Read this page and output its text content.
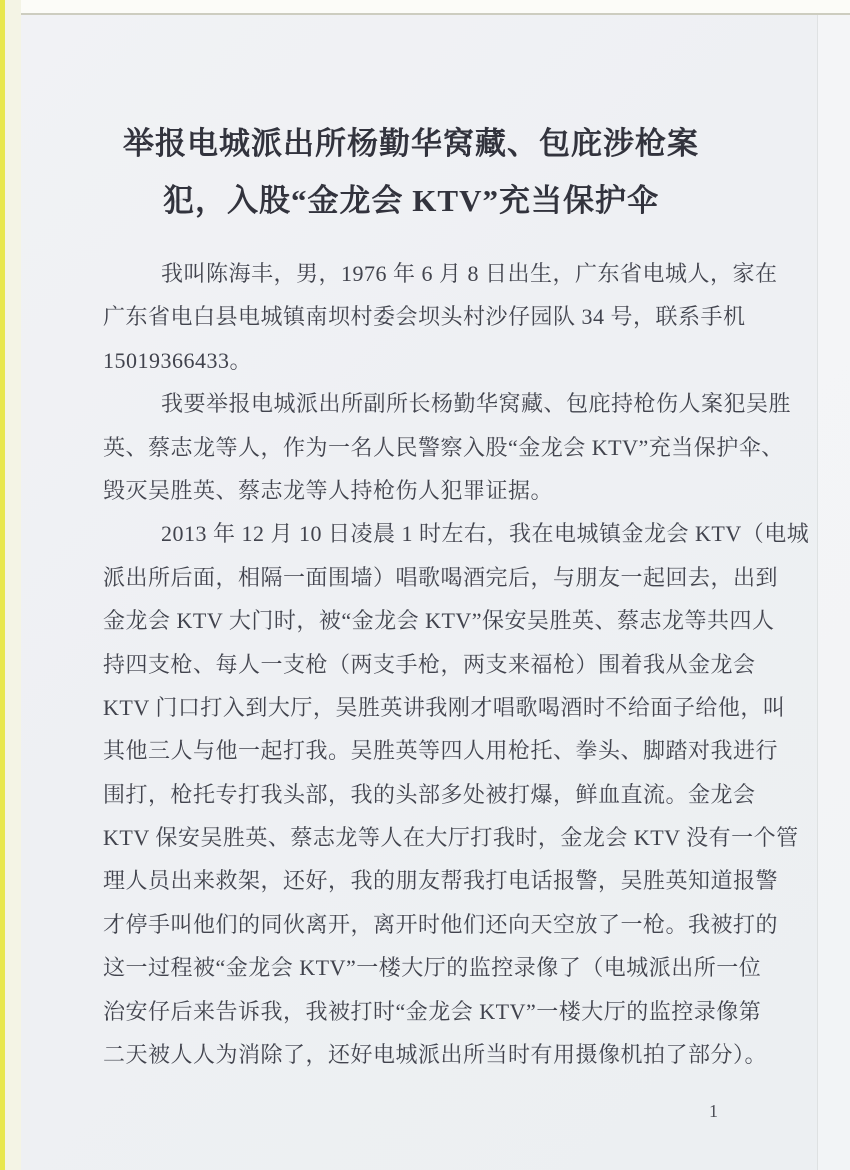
举报电城派出所杨勤华窝藏、包庇涉枪案
犯，入股“金龙会 KTV”充当保护伞
我叫陈海丰，男，1976 年 6 月 8 日出生，广东省电城人，家在
广东省电白县电城镇南坝村委会坝头村沙仔园队 34 号，联系手机
15019366433。
我要举报电城派出所副所长杨勤华窝藏、包庇持枪伤人案犯吴胜
英、蔡志龙等人，作为一名人民警察入股“金龙会 KTV”充当保护伞、
毁灭吴胜英、蔡志龙等人持枪伤人犯罪证据。
2013 年 12 月 10 日凌晨 1 时左右，我在电城镇金龙会 KTV（电城
派出所后面，相隔一面围墙）唱歌喝酒完后，与朋友一起回去，出到
金龙会 KTV 大门时，被“金龙会 KTV”保安吴胜英、蔡志龙等共四人
持四支枪、每人一支枪（两支手枪，两支来福枪）围着我从金龙会
KTV 门口打入到大厅，吴胜英讲我刚才唱歌喝酒时不给面子给他，叫
其他三人与他一起打我。吴胜英等四人用枪托、拳头、脚踏对我进行
围打，枪托专打我头部，我的头部多处被打爆，鲜血直流。金龙会
KTV 保安吴胜英、蔡志龙等人在大厅打我时，金龙会 KTV 没有一个管
理人员出来救架，还好，我的朋友帮我打电话报警，吴胜英知道报警
才停手叫他们的同伙离开，离开时他们还向天空放了一枪。我被打的
这一过程被“金龙会 KTV”一楼大厅的监控录像了（电城派出所一位
治安仔后来告诉我，我被打时“金龙会 KTV”一楼大厅的监控录像第
二天被人人为消除了，还好电城派出所当时有用摄像机拍了部分）。
1
